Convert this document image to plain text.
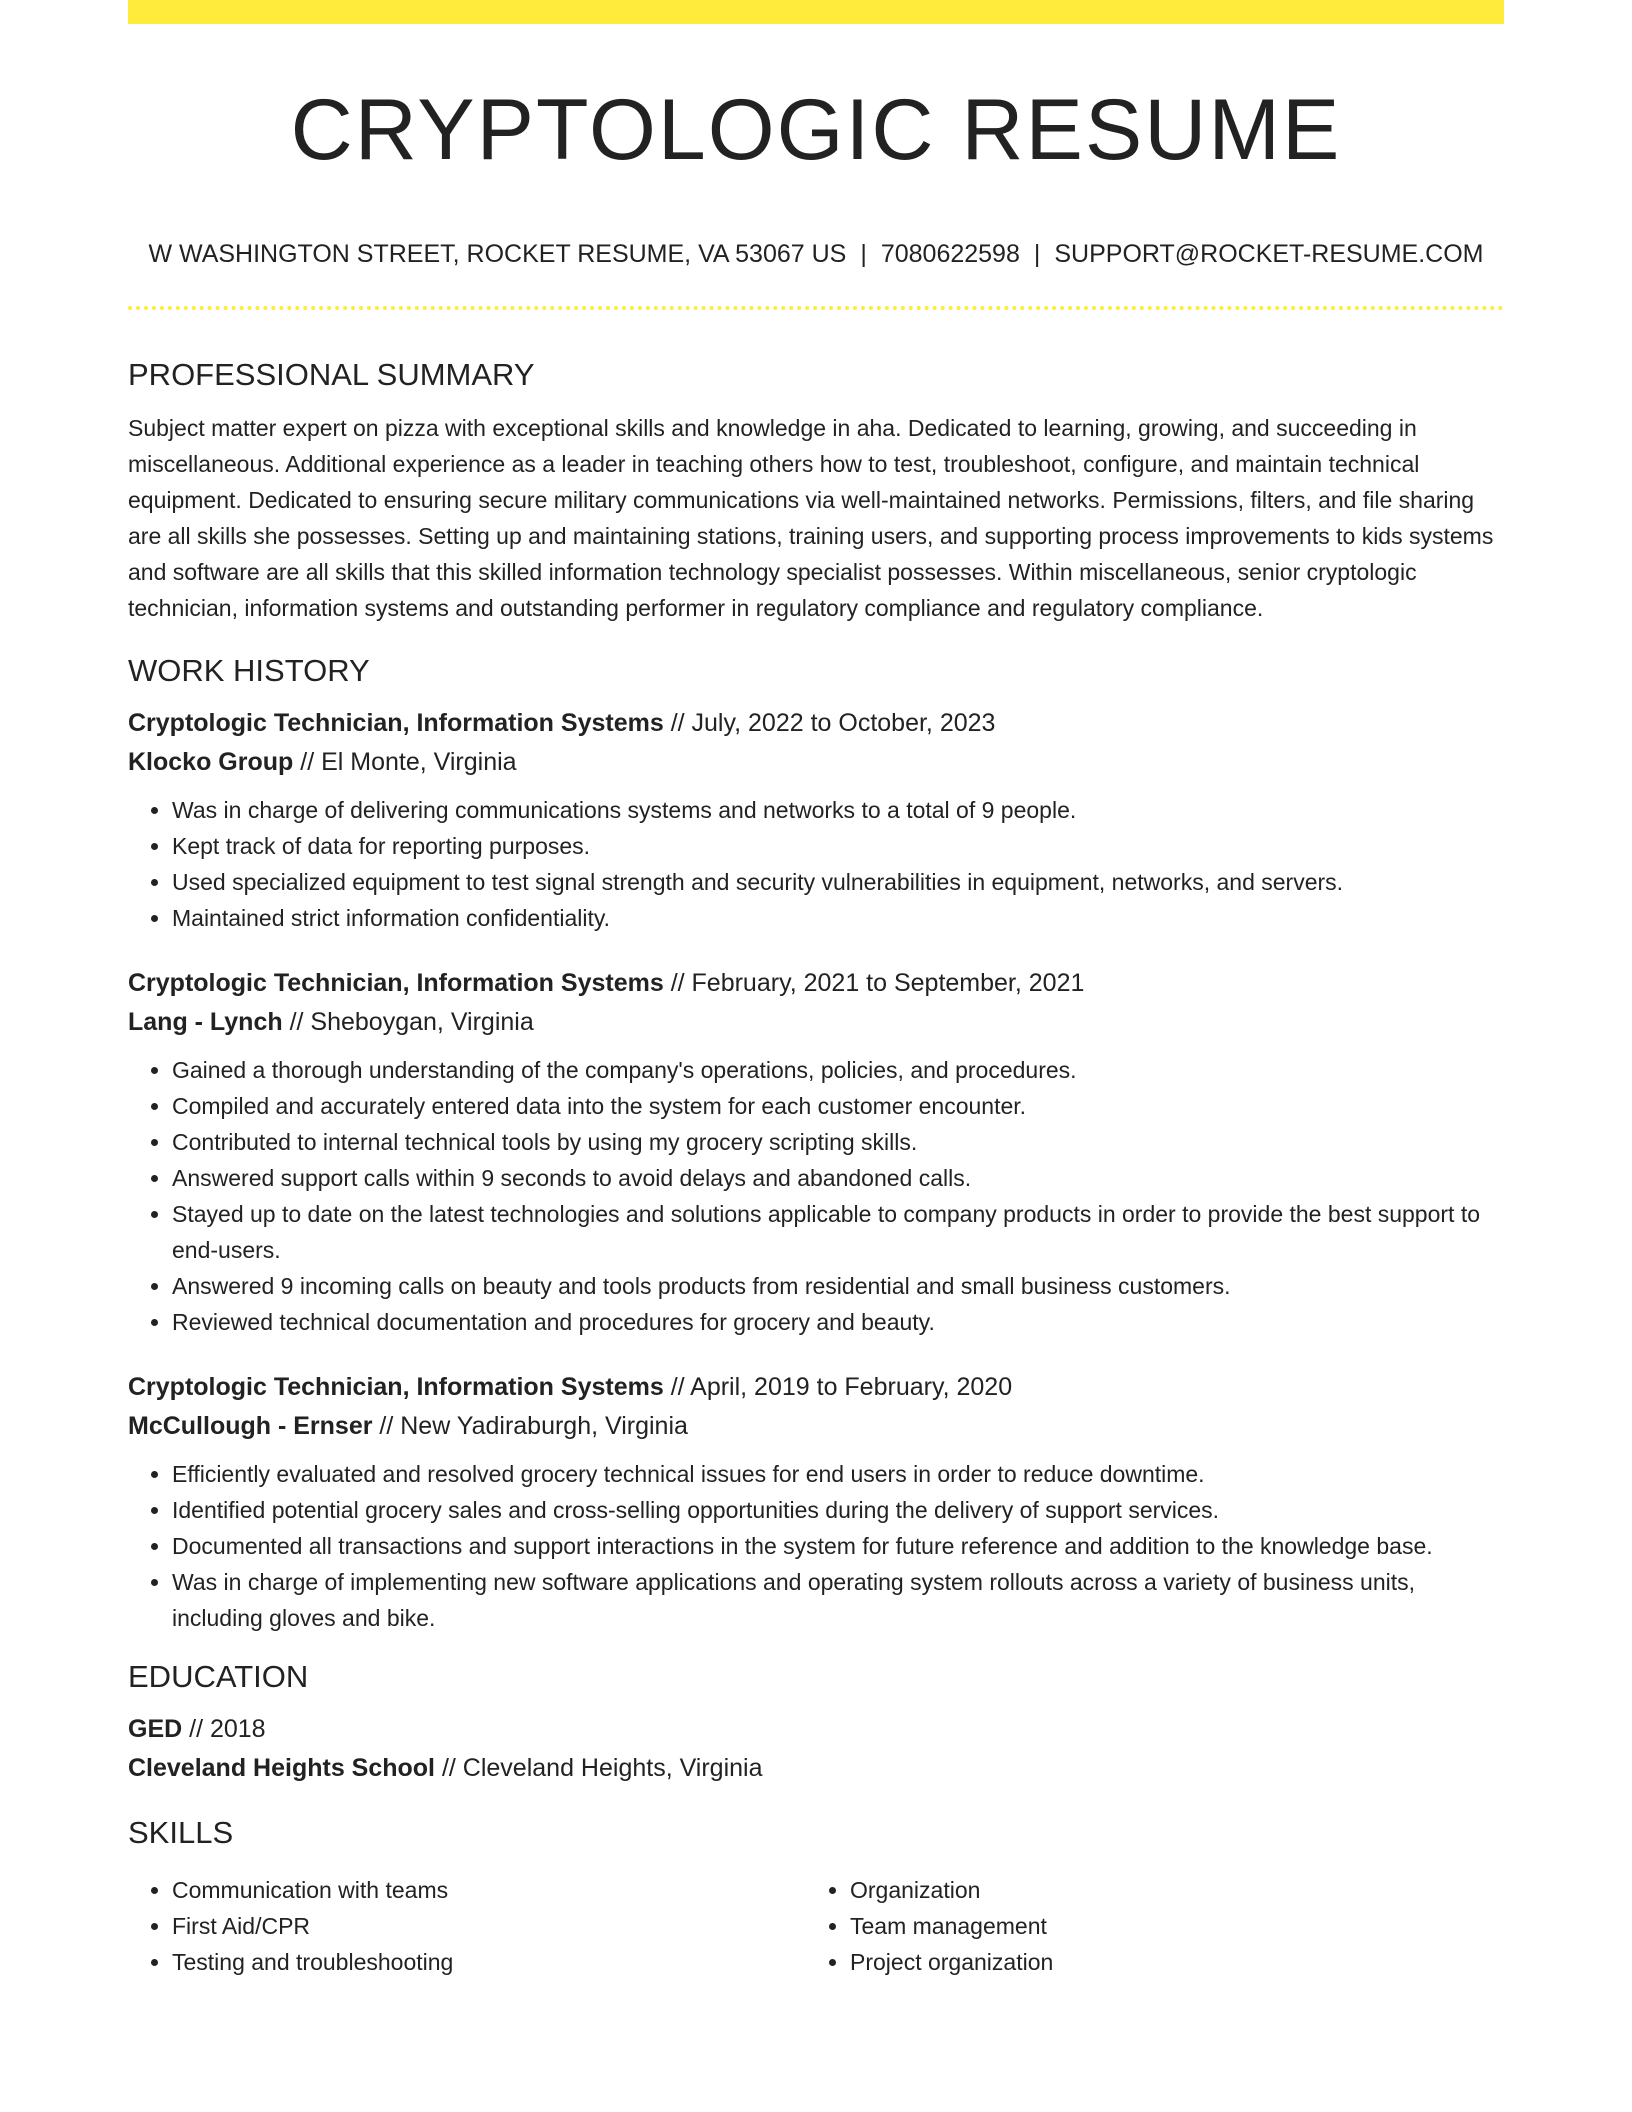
CRYPTOLOGIC RESUME
W WASHINGTON STREET, ROCKET RESUME, VA 53067 US | 7080622598 | SUPPORT@ROCKET-RESUME.COM
PROFESSIONAL SUMMARY

Subject matter expert on pizza with exceptional skills and knowledge in aha. Dedicated to learning, growing, and succeeding in miscellaneous. Additional experience as a leader in teaching others how to test, troubleshoot, configure, and maintain technical equipment. Dedicated to ensuring secure military communications via well-maintained networks. Permissions, filters, and file sharing are all skills she possesses. Setting up and maintaining stations, training users, and supporting process improvements to kids systems and software are all skills that this skilled information technology specialist possesses. Within miscellaneous, senior cryptologic technician, information systems and outstanding performer in regulatory compliance and regulatory compliance.

WORK HISTORY

Cryptologic Technician, Information Systems // July, 2022 to October, 2023

Klocko Group // El Monte, Virginia

• Was in charge of delivering communications systems and networks to a total of 9 people.
• Kept track of data for reporting purposes.
• Used specialized equipment to test signal strength and security vulnerabilities in equipment, networks, and servers.
• Maintained strict information confidentiality.

Cryptologic Technician, Information Systems // February, 2021 to September, 2021

Lang - Lynch // Sheboygan, Virginia

• Gained a thorough understanding of the company's operations, policies, and procedures.
• Compiled and accurately entered data into the system for each customer encounter.
• Contributed to internal technical tools by using my grocery scripting skills.
• Answered support calls within 9 seconds to avoid delays and abandoned calls.
• Stayed up to date on the latest technologies and solutions applicable to company products in order to provide the best support to end-users.
• Answered 9 incoming calls on beauty and tools products from residential and small business customers.
• Reviewed technical documentation and procedures for grocery and beauty.

Cryptologic Technician, Information Systems // April, 2019 to February, 2020

McCullough - Ernser // New Yadiraburgh, Virginia

• Efficiently evaluated and resolved grocery technical issues for end users in order to reduce downtime.
• Identified potential grocery sales and cross-selling opportunities during the delivery of support services.
• Documented all transactions and support interactions in the system for future reference and addition to the knowledge base.
• Was in charge of implementing new software applications and operating system rollouts across a variety of business units, including gloves and bike.
EDUCATION

GED // 2018

Cleveland Heights School // Cleveland Heights, Virginia

SKILLS
• Communication with teams
• First Aid/CPR
• Testing and troubleshooting
• Organization
• Team management
• Project organization
